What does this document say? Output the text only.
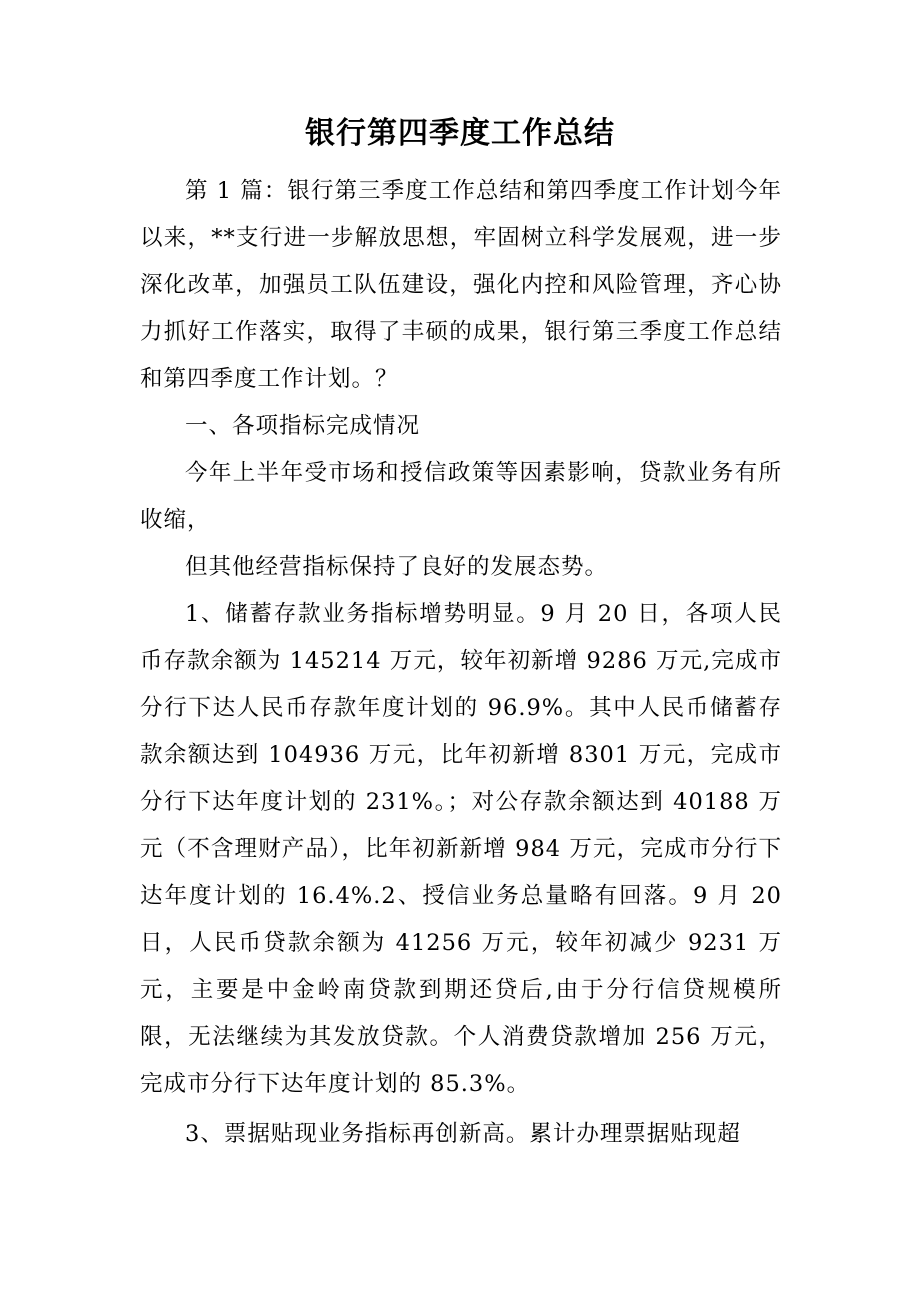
银行第四季度工作总结

第 1 篇：银行第三季度工作总结和第四季度工作计划今年以来，**支行进一步解放思想，牢固树立科学发展观，进一步深化改革，加强员工队伍建设，强化内控和风险管理，齐心协力抓好工作落实，取得了丰硕的成果，银行第三季度工作总结和第四季度工作计划。？

一、各项指标完成情况

今年上半年受市场和授信政策等因素影响，贷款业务有所收缩，

但其他经营指标保持了良好的发展态势。

1、储蓄存款业务指标增势明显。9 月 20 日，各项人民币存款余额为 145214 万元，较年初新增 9286 万元,完成市分行下达人民币存款年度计划的 96.9%。其中人民币储蓄存款余额达到 104936 万元，比年初新增 8301 万元，完成市分行下达年度计划的 231%。；对公存款余额达到 40188 万元（不含理财产品），比年初新新增 984 万元，完成市分行下达年度计划的 16.4%.2、授信业务总量略有回落。9 月 20 日，人民币贷款余额为 41256 万元，较年初减少 9231 万元，主要是中金岭南贷款到期还贷后,由于分行信贷规模所限，无法继续为其发放贷款。个人消费贷款增加 256 万元，完成市分行下达年度计划的 85.3%。

3、票据贴现业务指标再创新高。累计办理票据贴现超
